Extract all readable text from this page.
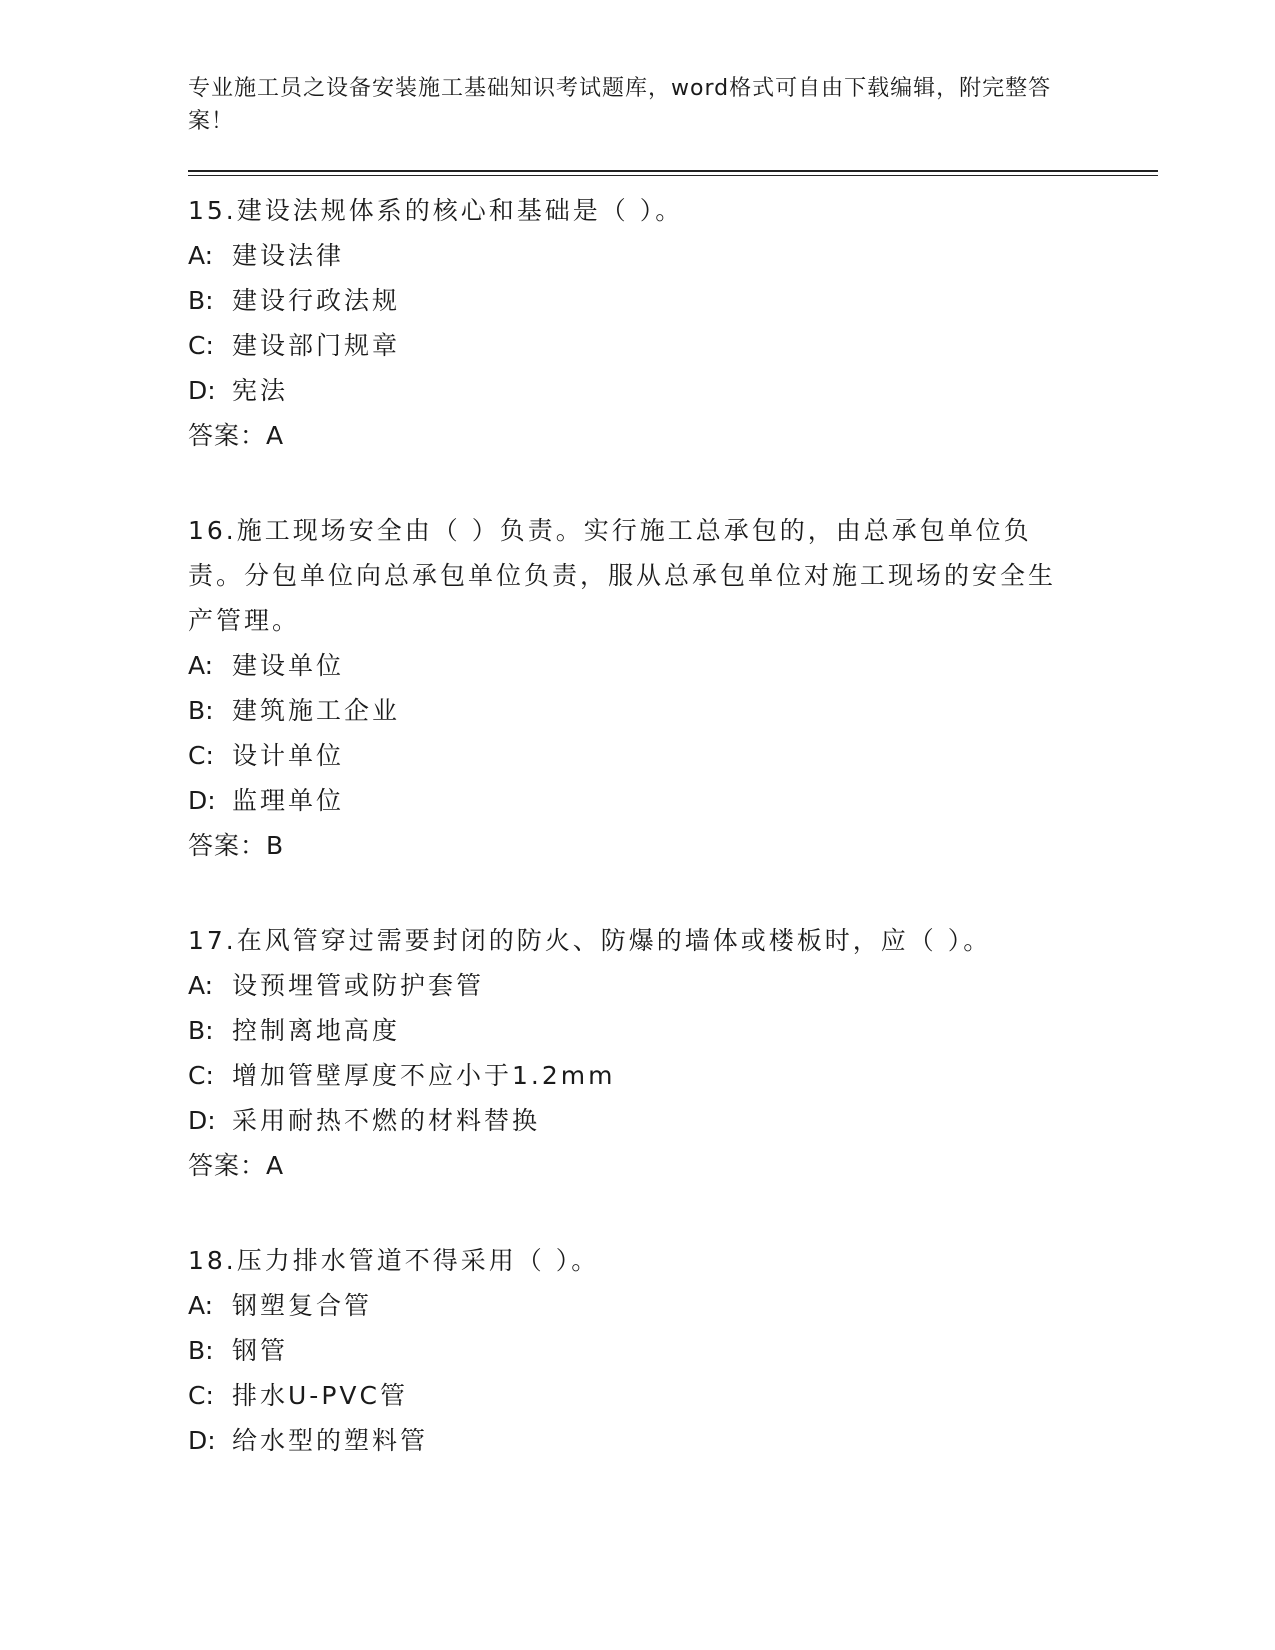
专业施工员之设备安装施工基础知识考试题库，word格式可自由下载编辑，附完整答案！

15.建设法规体系的核心和基础是（ ）。

A: 建设法律

B: 建设行政法规

C: 建设部门规章

D: 宪法

答案：A

16.施工现场安全由（ ）负责。实行施工总承包的，由总承包单位负责。分包单位向总承包单位负责，服从总承包单位对施工现场的安全生产管理。

A: 建设单位

B: 建筑施工企业

C: 设计单位

D: 监理单位

答案：B

17.在风管穿过需要封闭的防火、防爆的墙体或楼板时，应（ ）。

A: 设预埋管或防护套管

B: 控制离地高度

C: 增加管壁厚度不应小于1.2mm

D: 采用耐热不燃的材料替换

答案：A

18.压力排水管道不得采用（ ）。

A: 钢塑复合管

B: 钢管

C: 排水U-PVC管

D: 给水型的塑料管
